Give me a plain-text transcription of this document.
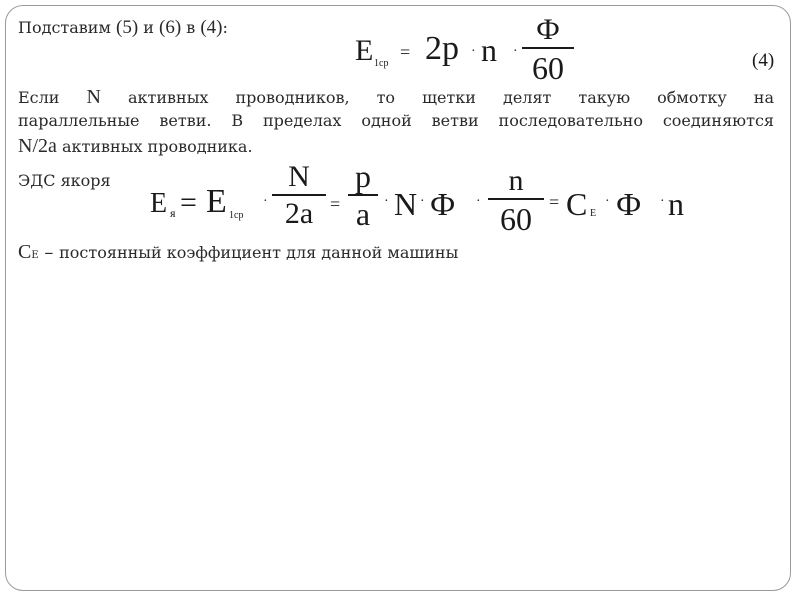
Подставим (5) и (6) в (4):
E 1ср
= 2p · n ·
Ф
60	(4)
Если N активных проводников, то щетки делят такую обмотку на
параллельные ветви. В пределах одной ветви последовательно соединяются
N/2a активных проводника.
ЭДС якоря
E я = E 1ср
·
N
2a =
p
a · N · Ф ·
n
60 = C Е
· Ф · n
CЕ – постоянный коэффициент для данной машины
